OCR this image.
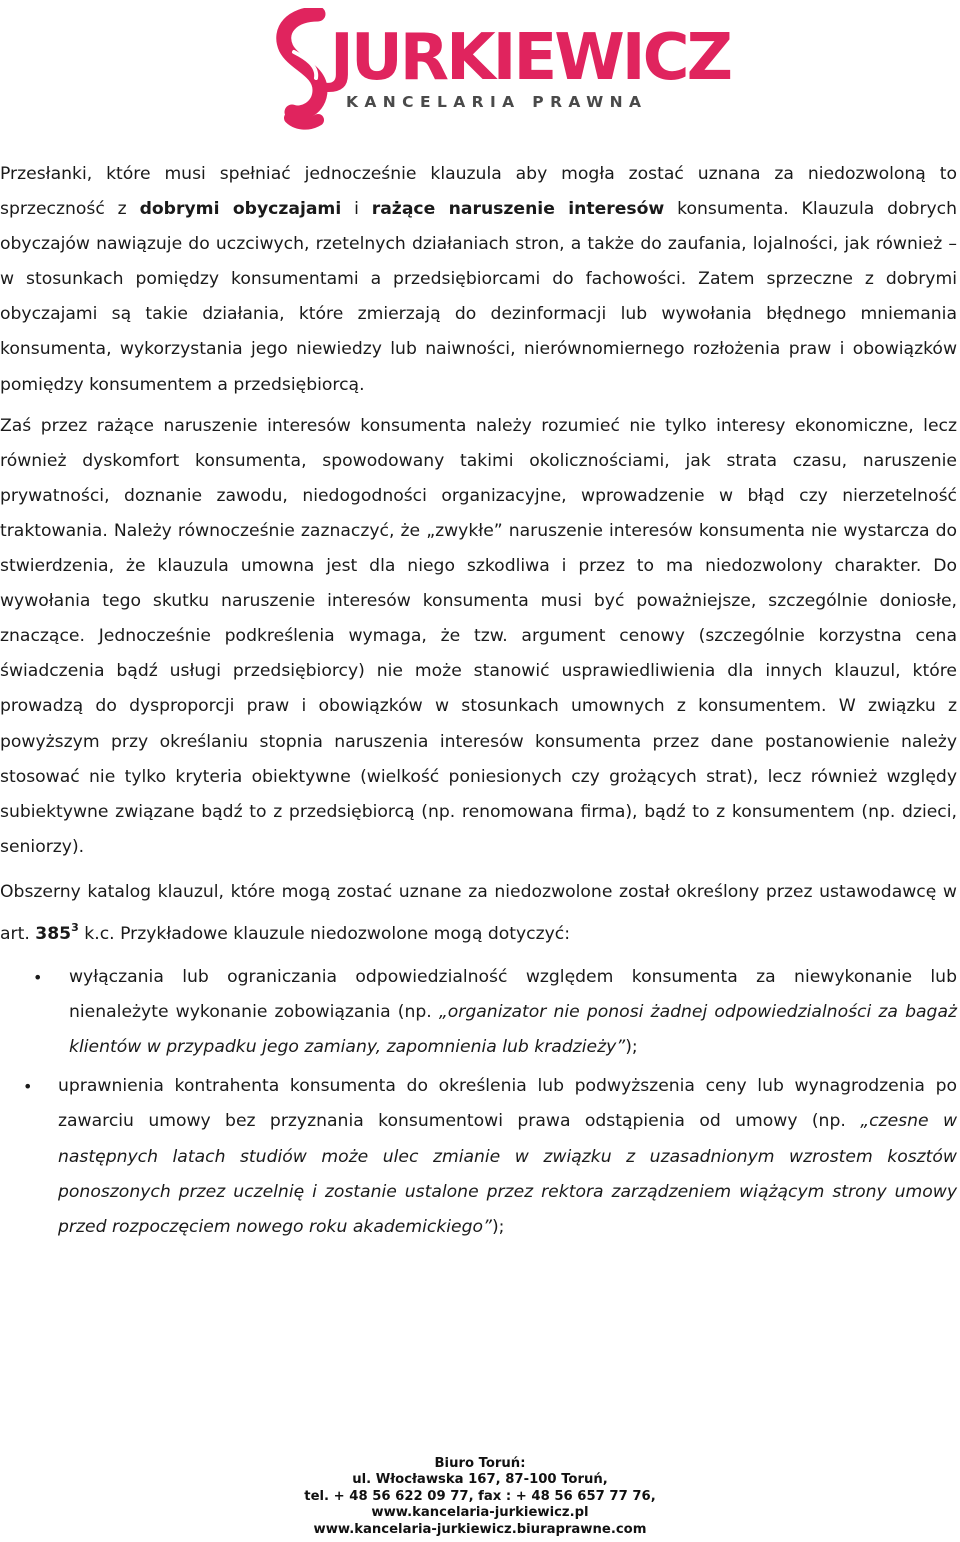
JURKIEWICZ
KANCELARIA PRAWNA

Przesłanki, które musi spełniać jednocześnie klauzula aby mogła zostać uznana za niedozwoloną to sprzeczność z dobrymi obyczajami i rażące naruszenie interesów konsumenta. Klauzula dobrych obyczajów nawiązuje do uczciwych, rzetelnych działaniach stron, a także do zaufania, lojalności, jak również – w stosunkach pomiędzy konsumentami a przedsiębiorcami do fachowości. Zatem sprzeczne z dobrymi obyczajami są takie działania, które zmierzają do dezinformacji lub wywołania błędnego mniemania konsumenta, wykorzystania jego niewiedzy lub naiwności, nierównomiernego rozłożenia praw i obowiązków pomiędzy konsumentem a przedsiębiorcą.

Zaś przez rażące naruszenie interesów konsumenta należy rozumieć nie tylko interesy ekonomiczne, lecz również dyskomfort konsumenta, spowodowany takimi okolicznościami, jak strata czasu, naruszenie prywatności, doznanie zawodu, niedogodności organizacyjne, wprowadzenie w błąd czy nierzetelność traktowania. Należy równocześnie zaznaczyć, że „zwykłe” naruszenie interesów konsumenta nie wystarcza do stwierdzenia, że klauzula umowna jest dla niego szkodliwa i przez to ma niedozwolony charakter. Do wywołania tego skutku naruszenie interesów konsumenta musi być poważniejsze, szczególnie doniosłe, znaczące. Jednocześnie podkreślenia wymaga, że tzw. argument cenowy (szczególnie korzystna cena świadczenia bądź usługi przedsiębiorcy) nie może stanowić usprawiedliwienia dla innych klauzul, które prowadzą do dysproporcji praw i obowiązków w stosunkach umownych z konsumentem. W związku z powyższym przy określaniu stopnia naruszenia interesów konsumenta przez dane postanowienie należy stosować nie tylko kryteria obiektywne (wielkość poniesionych czy grożących strat), lecz również względy subiektywne związane bądź to z przedsiębiorcą (np. renomowana firma), bądź to z konsumentem (np. dzieci, seniorzy).

Obszerny katalog klauzul, które mogą zostać uznane za niedozwolone został określony przez ustawodawcę w art. $385^3$ k.c. Przykładowe klauzule niedozwolone mogą dotyczyć:

• wyłączania lub ograniczania odpowiedzialność względem konsumenta za niewykonanie lub nienależyte wykonanie zobowiązania (np. „organizator nie ponosi żadnej odpowiedzialności za bagaż klientów w przypadku jego zamiany, zapomnienia lub kradzieży”);
• uprawnienia kontrahenta konsumenta do określenia lub podwyższenia ceny lub wynagrodzenia po zawarciu umowy bez przyznania konsumentowi prawa odstąpienia od umowy (np. „czesne w następnych latach studiów może ulec zmianie w związku z uzasadnionym wzrostem kosztów ponoszonych przez uczelnię i zostanie ustalone przez rektora zarządzeniem wiążącym strony umowy przed rozpoczęciem nowego roku akademickiego”);
Biuro Toruń:
ul. Włocławska 167, 87-100 Toruń,
tel. + 48 56 622 09 77, fax : + 48 56 657 77 76,
www.kancelaria-jurkiewicz.pl
www.kancelaria-jurkiewicz.biuraprawne.com
